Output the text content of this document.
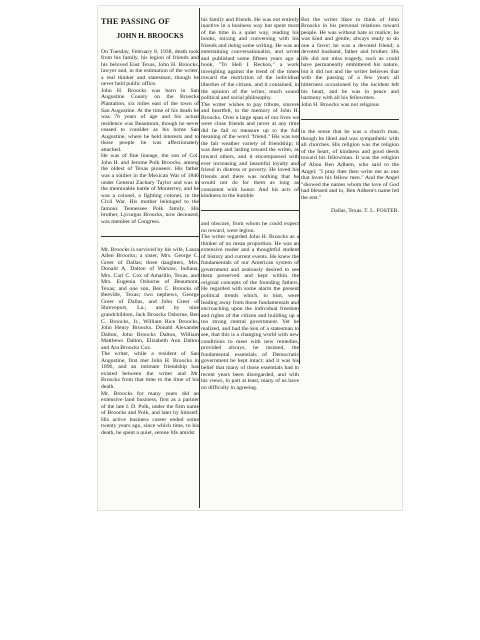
THE PASSING OF

JOHN H. BROOCKS

On Tuesday, February 8, 1938, death took from his family, his legion of friends and his beloved East Texas, John H. Broocks, lawyer and, in the estimation of the writer, a real thinker and statesman, though he never held public office.
John H. Broocks was born in San Augustine County on the Broocks Plantation, six miles east of the town of San Augustine. At the time of his death he was 76 years of age and his actual residence was Beaumont, though he never ceased to consider as his home San Augustine, where he held interests and to those people he was affectionately attached.
He was of fine lineage, the son of Col. John H. and Jerome Polk Broocks, among the oldest of Texas pioneers. His father was a soldier in the Mexican War of 1846 under General Zachary Taylor and was in the memorable battle of Monterrey, and he was a colonel, a fighting colonel, in the Civil War. His mother belonged to the famous Tennessee Polk family. His brother, Lycurgus Broocks, now deceased, was member of Congress.

Mr. Broocks is survived by his wife, Laura Allen Broocks; a sister, Mrs. George C. Greer of Dallas; three daughters, Mrs. Donald A. Dalton of Warsaw, Indiana, Mrs. Carl C. Cox of Amarillo, Texas, and Mrs. Eugenia Osborne of Beaumont, Texas; and one son, Ben C. Broocks of Beeville, Texas; two nephews, George Greer of Dallas, and John Greer of Shreveport, La.; and by nine grandchildren, Jack Broocks Osborne, Ben C. Broocks, Jr., William Rice Broocks, John Henry Broocks, Donald Alexander Dalton, John Broocks Dalton, William Matthews Dalton, Elizabeth Ann Dalton and Ara Broocks Cox.
The writer, while a resident of San Augustine, first met John H. Broocks in 1896, and an intimate friendship has existed between the writer and Mr. Broocks from that time to the time of his death.
Mr. Broocks for many years did an extensive land business, first as a partner of the late I. D. Polk, under the firm name of Broocks and Polk, and later by himself. His active business career ended some twenty years ago, since which time, to his death, he spent a quiet, serene life amidst

his family and friends. He was not entirely inactive in a business way but spent most of the time in a quiet way, reading his books, mixing and conversing with his friends and doing some writing. He was an entertaining conversationalist, and wrote and published some fifteen years ago a book, "To Hell I Reckon," a work inveighing against the trend of the times toward the restriction of the individual liberties of the citizen, and it contained, in the opinion of the writer, much sound political and social philosophy.
The writer wishes to pay tribute, sincere and heartfelt, to the memory of John H. Broocks. Over a large span of our lives we were close friends and never at any time did he fail to measure up to the full meaning of the word "friend." His was not the fair weather variety of friendship; it was deep and lasting toward the writer, as toward others, and it encompassed with ever increasing and beautiful loyalty and friend in distress or poverty. He loved his friends and there was nothing that he would not do for them as long as consistent with honor. And his acts of kindness to the humble

and obscure, from whom he could expect no reward, were legion.
The writer regarded John H. Broocks as a thinker of no mean proportion. He was an extensive reader and a thoughtful student of history and current events. He knew the fundamentals of our American system of government and zealously desired to see them preserved and kept within the original concepts of the founding fathers. He regarded with some alarm the present political trends which, to him, were leading away from those fundamentals and encroaching upon the individual freedom and rights of the citizen and building up a too strong central government. Yet he realized, and had the ken of a statesman to see, that this is a changing world with new conditions to meet with new remedies, provided always, he insisted, the fundamental essentials of Democratic government be kept intact; and it was his belief that many of those essentials had in recent years been disregarded, and with his views, in part at least, many of us have no difficulty in agreeing.

But the writer likes to think of John Broocks in his personal relations toward people. He was without hate or malice; he was kind and gentle; always ready to do one a favor; he was a devoted friend; a devoted husband, father and brother. His life did not miss tragedy, such as could have permanently embittered his nature, but it did not and the writer believes that with the passing of a few years all bitterness occasioned by the incident left his heart, and he was in peace and harmony with all his fellowmen.
John H. Broocks was not religious

in the sense that he was a church man, though he liked and was sympathetic with all churches. His religion was the religion of the heart, of kindness and good deeds toward his fellowman. It was the religion of Abou Ben Adhem, who said to the Angel: "I pray thee then write me as one that loves his fellow men." And the Angel "showed the names whom the love of God had blessed and lo, Ben Adhem's name led the rest."

Dallas, Texas. T. L. FOSTER.
